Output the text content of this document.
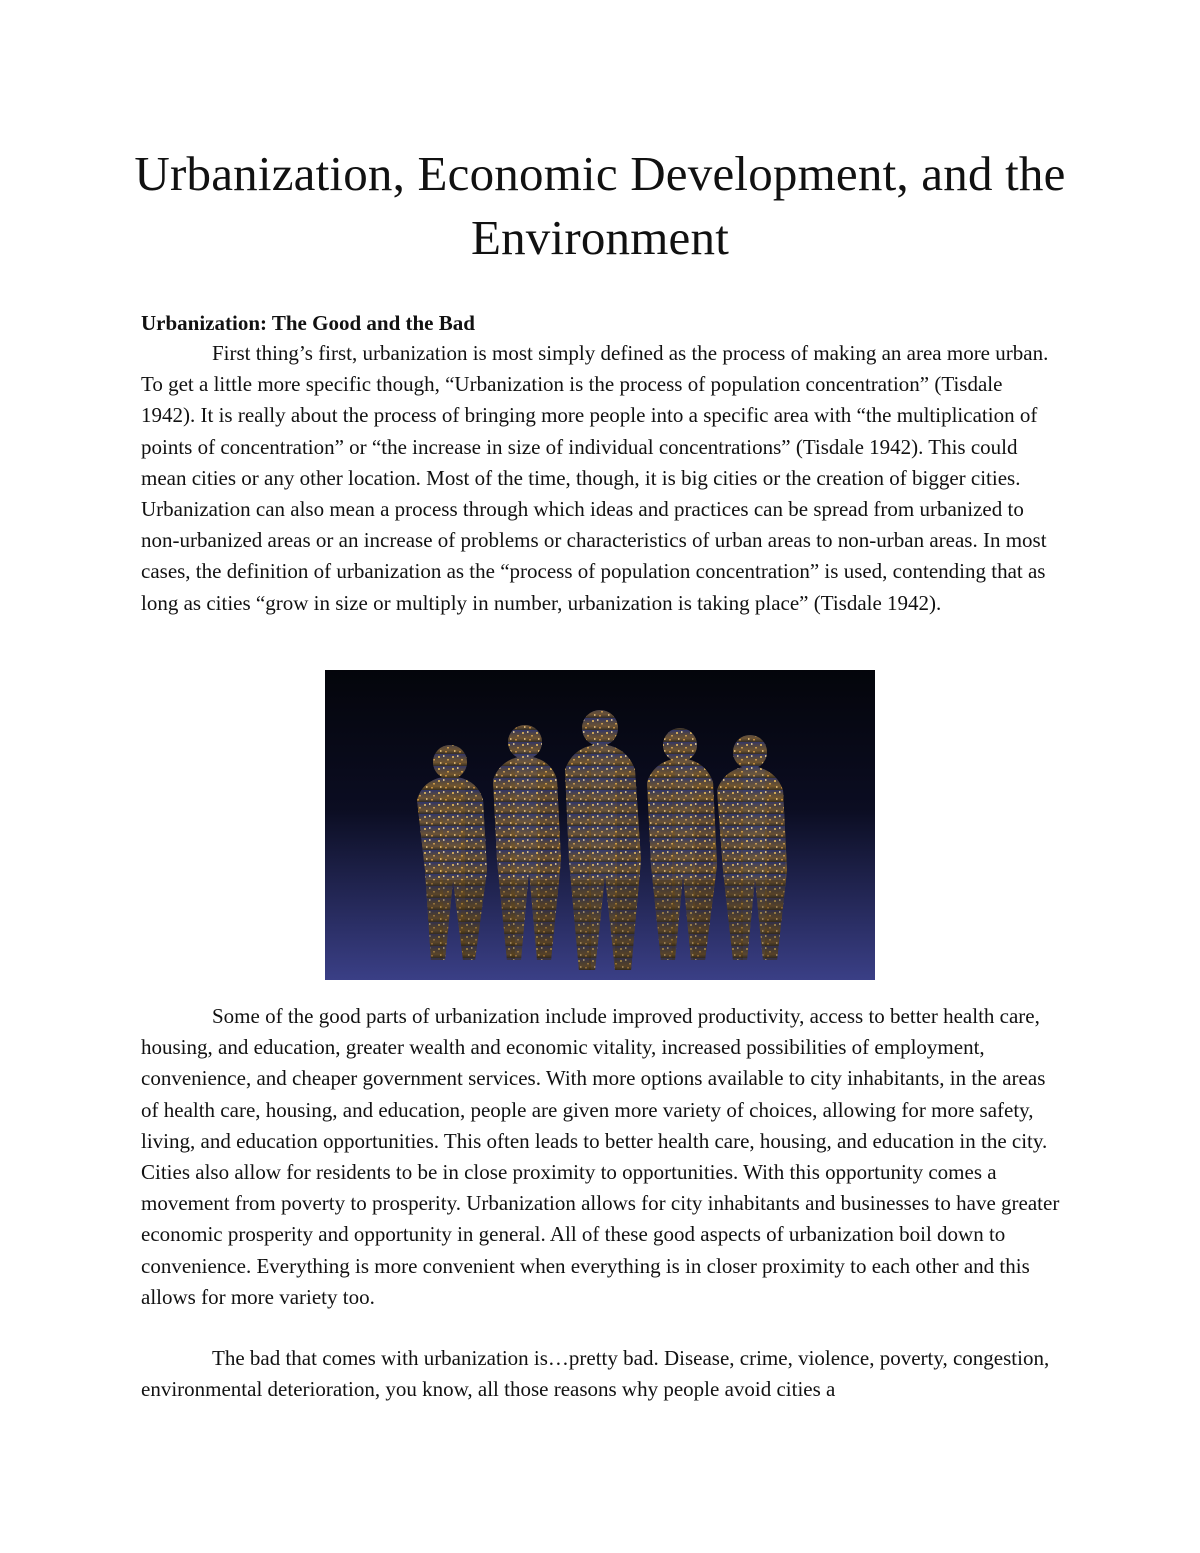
Urbanization, Economic Development, and the Environment
Urbanization: The Good and the Bad

First thing’s first, urbanization is most simply defined as the process of making an area more urban. To get a little more specific though, “Urbanization is the process of population concentration” (Tisdale 1942). It is really about the process of bringing more people into a specific area with “the multiplication of points of concentration” or “the increase in size of individual concentrations” (Tisdale 1942). This could mean cities or any other location. Most of the time, though, it is big cities or the creation of bigger cities. Urbanization can also mean a process through which ideas and practices can be spread from urbanized to non-urbanized areas or an increase of problems or characteristics of urban areas to non-urban areas. In most cases, the definition of urbanization as the “process of population concentration” is used, contending that as long as cities “grow in size or multiply in number, urbanization is taking place” (Tisdale 1942).

Some of the good parts of urbanization include improved productivity, access to better health care, housing, and education, greater wealth and economic vitality, increased possibilities of employment, convenience, and cheaper government services. With more options available to city inhabitants, in the areas of health care, housing, and education, people are given more variety of choices, allowing for more safety, living, and education opportunities. This often leads to better health care, housing, and education in the city. Cities also allow for residents to be in close proximity to opportunities. With this opportunity comes a movement from poverty to prosperity. Urbanization allows for city inhabitants and businesses to have greater economic prosperity and opportunity in general. All of these good aspects of urbanization boil down to convenience. Everything is more convenient when everything is in closer proximity to each other and this allows for more variety too.

The bad that comes with urbanization is…pretty bad. Disease, crime, violence, poverty, congestion, environmental deterioration, you know, all those reasons why people avoid cities a
